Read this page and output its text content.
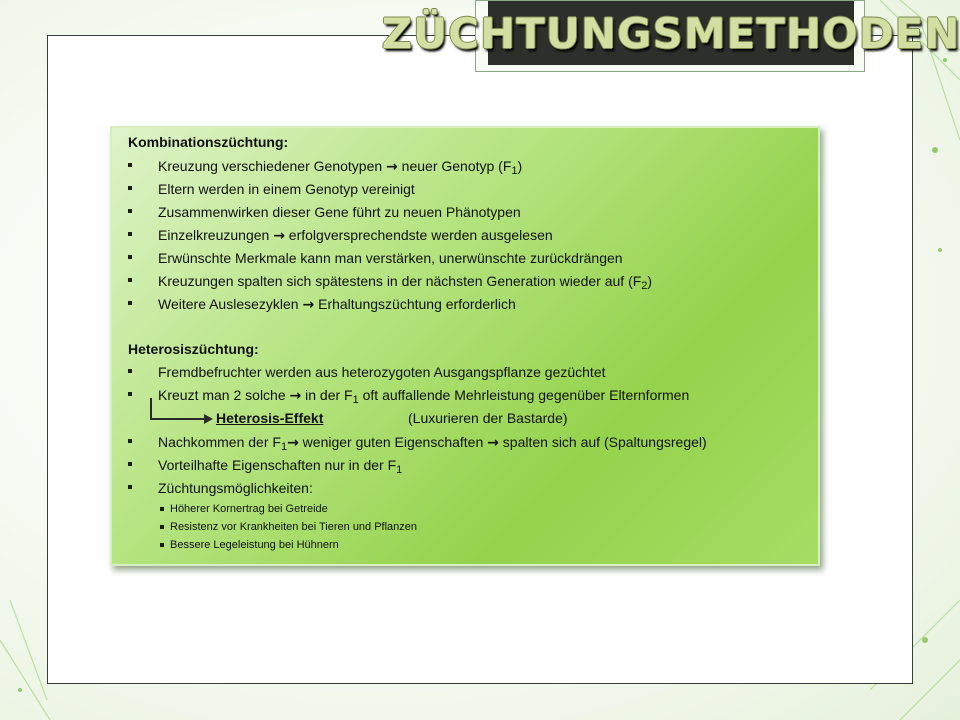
ZÜCHTUNGSMETHODEN
Kombinationszüchtung:
Kreuzung verschiedener Genotypen → neuer Genotyp $(F_1)$
Eltern werden in einem Genotyp vereinigt
Zusammenwirken dieser Gene führt zu neuen Phänotypen
Einzelkreuzungen → erfolgversprechendste werden ausgelesen
Erwünschte Merkmale kann man verstärken, unerwünschte zurückdrängen
Kreuzungen spalten sich spätestens in der nächsten Generation wieder auf $(F_2)$
Weitere Auslesezyklen → Erhaltungszüchtung erforderlich
Heterosiszüchtung:
Fremdbefruchter werden aus heterozygoten Ausgangspflanze gezüchtet
Kreuzt man 2 solche → in der $F_1$ oft auffallende Mehrleistung gegenüber Elternformen
Heterosis-Effekt	(Luxurieren der Bastarde)
Nachkommen der $F_1\to$ weniger guten Eigenschaften → spalten sich auf (Spaltungsregel)
Vorteilhafte Eigenschaften nur in der $F_1$
Züchtungsmöglichkeiten:
Höherer Kornertrag bei Getreide
Resistenz vor Krankheiten bei Tieren und Pflanzen
Bessere Legeleistung bei Hühnern
